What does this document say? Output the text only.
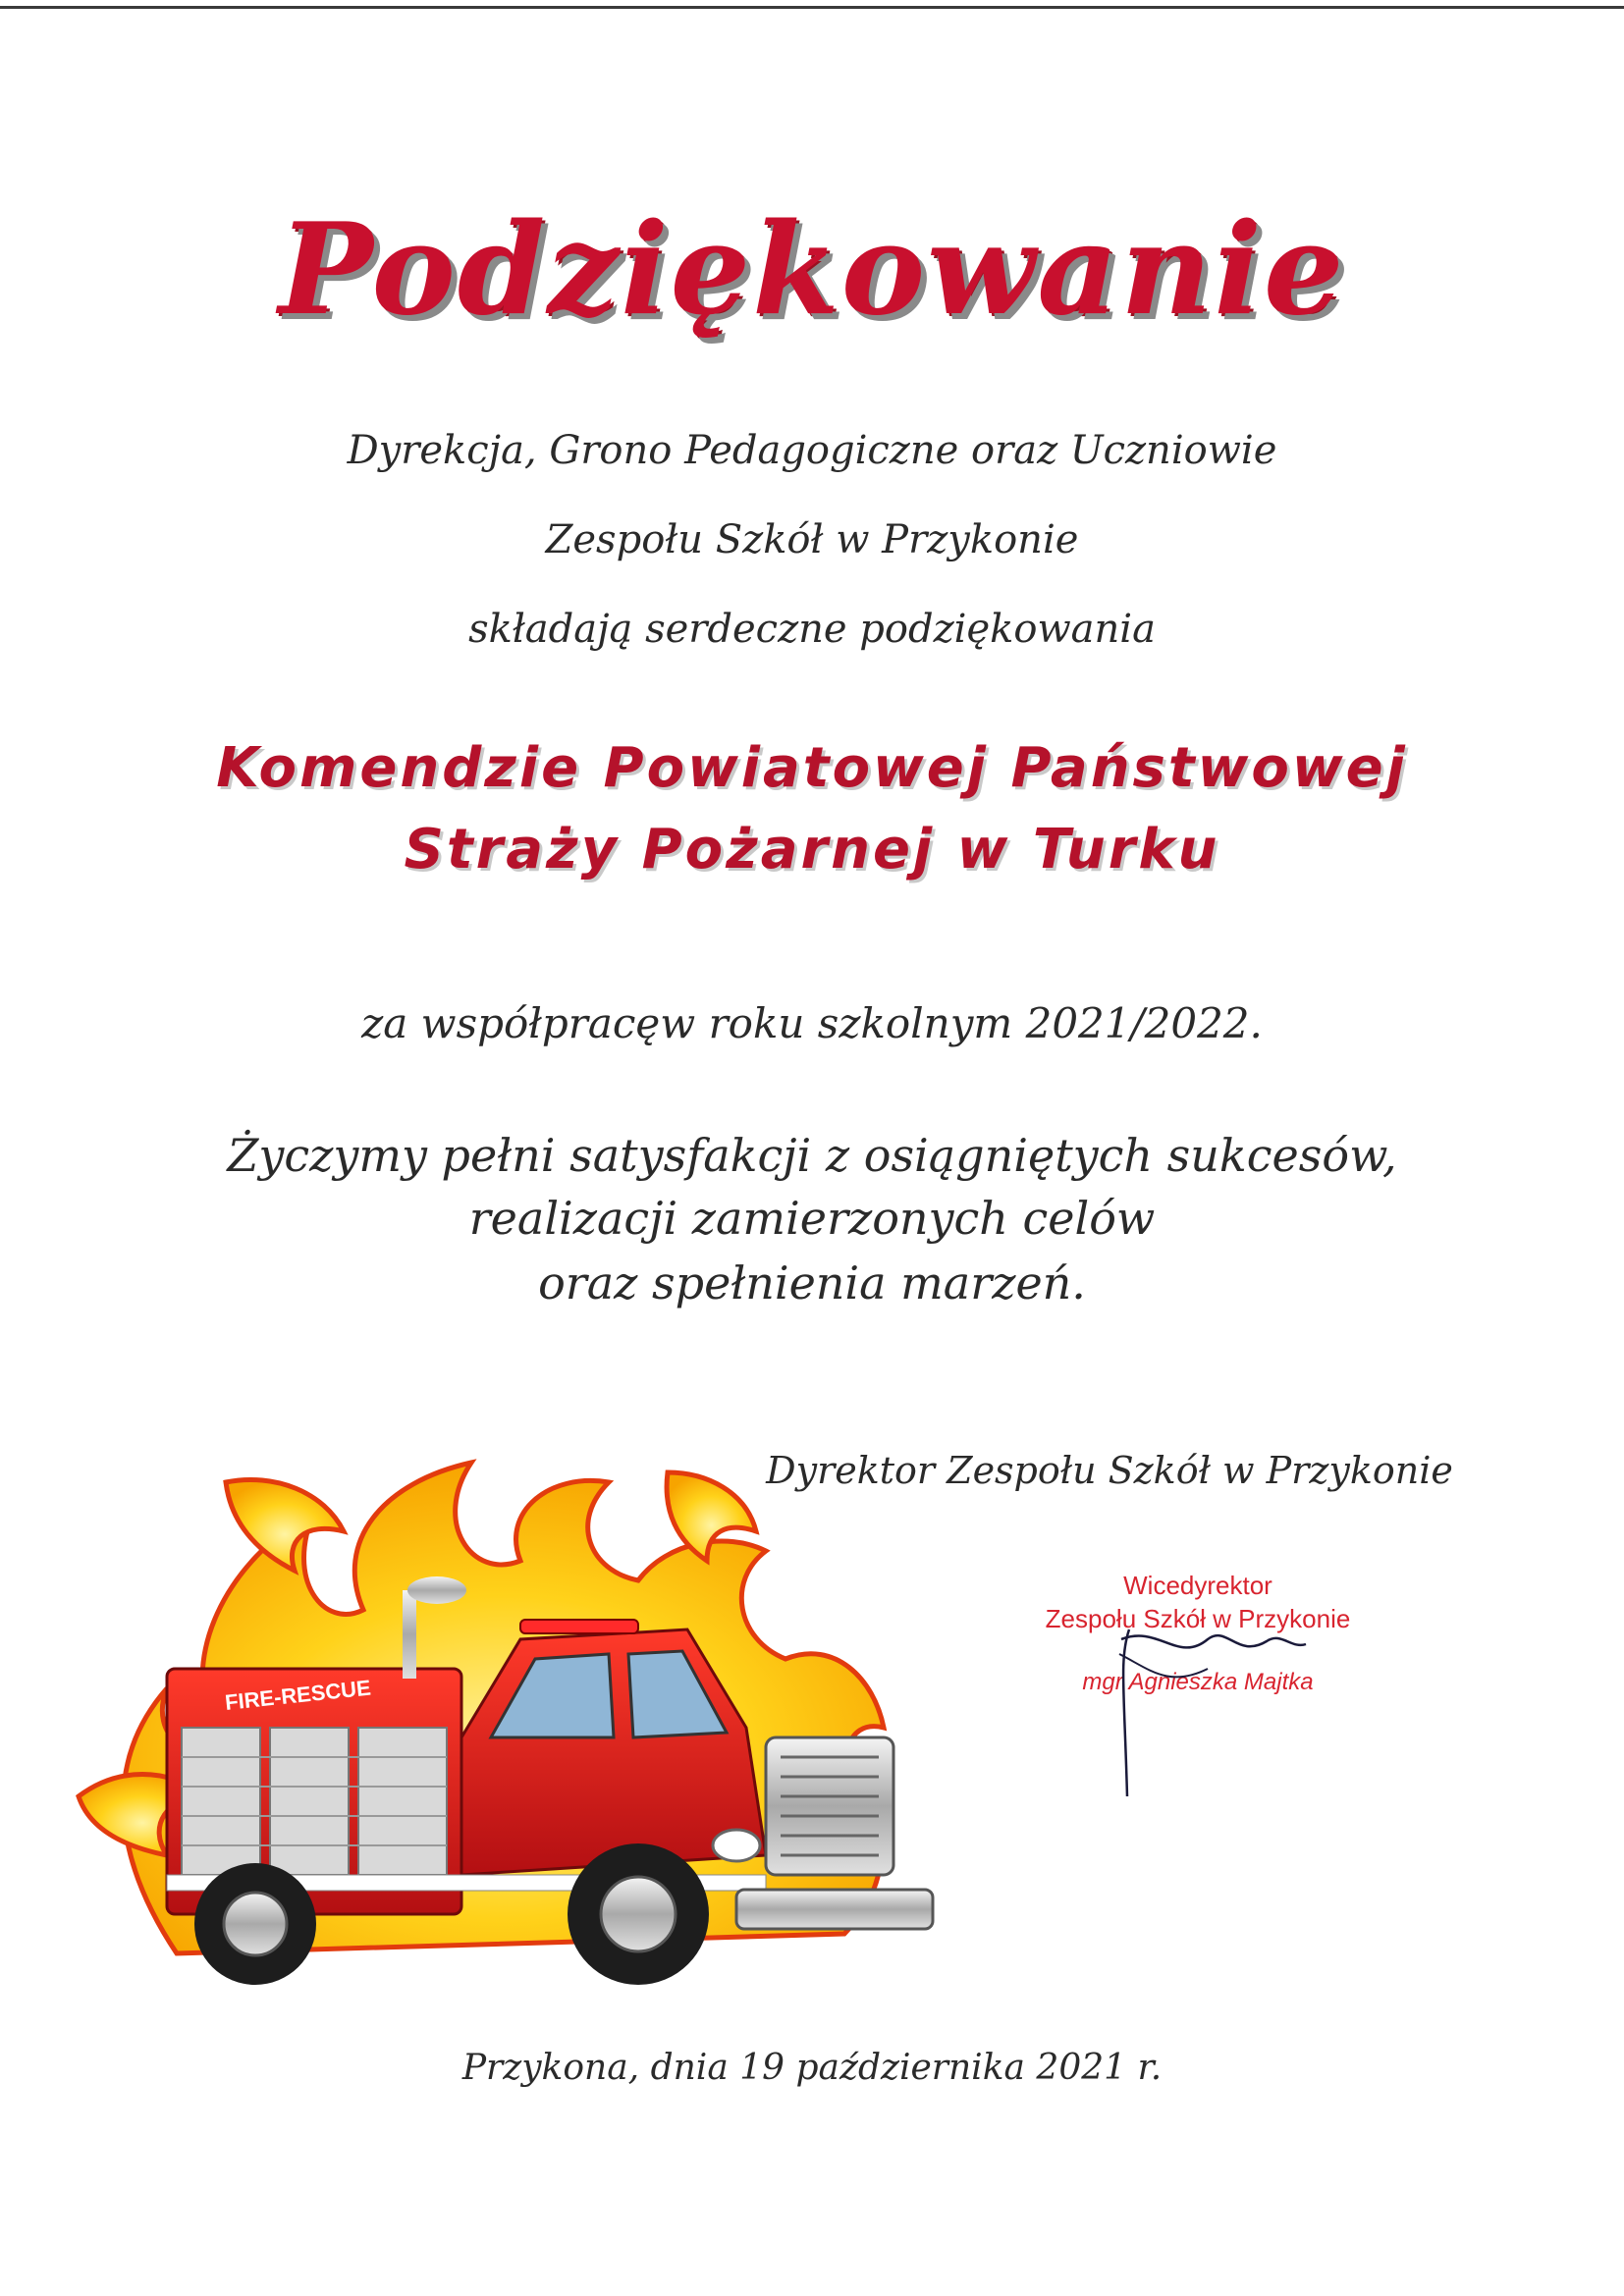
Podziękowanie
Dyrekcja, Grono Pedagogiczne oraz Uczniowie
Zespołu Szkół w Przykonie
składają serdeczne podziękowania
Komendzie Powiatowej Państwowej
Straży Pożarnej w Turku
za współpracęw roku szkolnym 2021/2022.
Życzymy pełni satysfakcji z osiągniętych sukcesów,
realizacji zamierzonych celów
oraz spełnienia marzeń.
Dyrektor Zespołu Szkół w Przykonie
FIRE-RESCUE
Wicedyrektor
Zespołu Szkół w Przykonie
mgr Agnieszka Majtka
Przykona, dnia 19 października 2021 r.
